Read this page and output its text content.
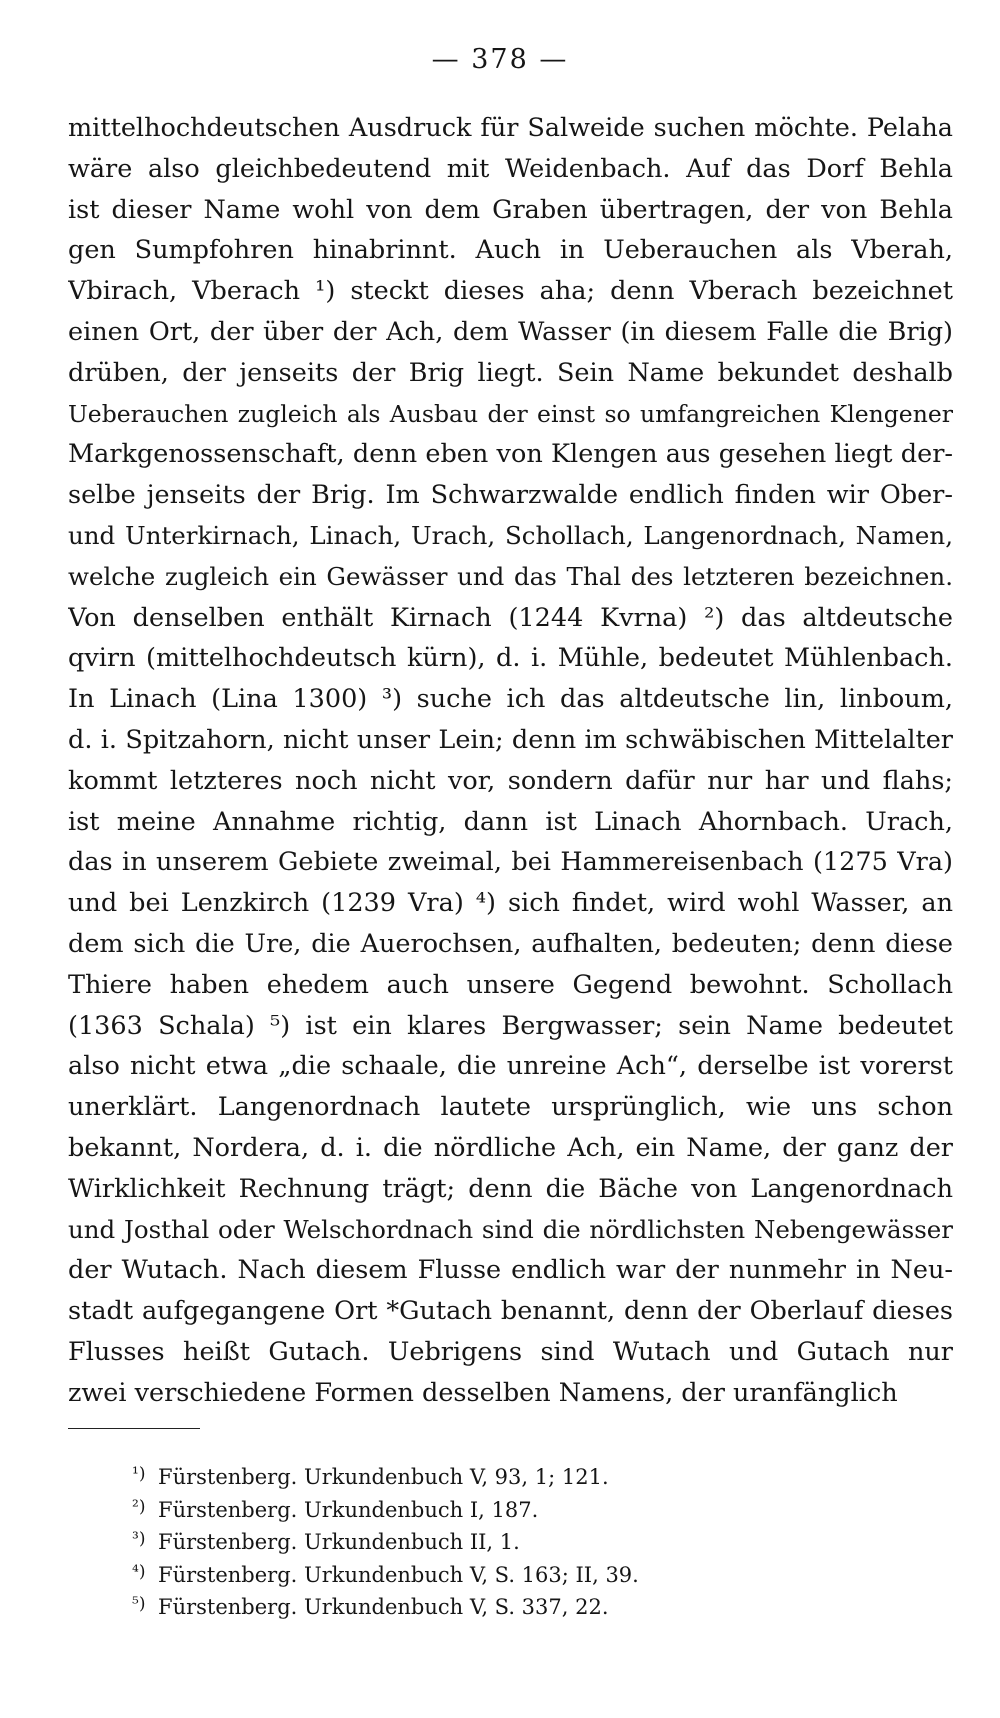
— 378 —
mittelhochdeutschen Ausdruck für Salweide suchen möchte. Pelaha
wäre also gleichbedeutend mit Weidenbach. Auf das Dorf Behla
ist dieser Name wohl von dem Graben übertragen, der von Behla
gen Sumpfohren hinabrinnt. Auch in Ueberauchen als Vberah,
Vbirach, Vberach ¹) steckt dieses aha; denn Vberach bezeichnet
einen Ort, der über der Ach, dem Wasser (in diesem Falle die Brig)
drüben, der jenseits der Brig liegt. Sein Name bekundet deshalb
Ueberauchen zugleich als Ausbau der einst so umfangreichen Klengener
Markgenossenschaft, denn eben von Klengen aus gesehen liegt der-
selbe jenseits der Brig. Im Schwarzwalde endlich finden wir Ober-
und Unterkirnach, Linach, Urach, Schollach, Langenordnach, Namen,
welche zugleich ein Gewässer und das Thal des letzteren bezeichnen.
Von denselben enthält Kirnach (1244 Kvrna) ²) das altdeutsche
qvirn (mittelhochdeutsch kürn), d. i. Mühle, bedeutet Mühlenbach.
In Linach (Lina 1300) ³) suche ich das altdeutsche lin, linboum,
d. i. Spitzahorn, nicht unser Lein; denn im schwäbischen Mittelalter
kommt letzteres noch nicht vor, sondern dafür nur har und flahs;
ist meine Annahme richtig, dann ist Linach Ahornbach. Urach,
das in unserem Gebiete zweimal, bei Hammereisenbach (1275 Vra)
und bei Lenzkirch (1239 Vra) ⁴) sich findet, wird wohl Wasser, an
dem sich die Ure, die Auerochsen, aufhalten, bedeuten; denn diese
Thiere haben ehedem auch unsere Gegend bewohnt. Schollach
(1363 Schala) ⁵) ist ein klares Bergwasser; sein Name bedeutet
also nicht etwa „die schaale, die unreine Ach“, derselbe ist vorerst
unerklärt. Langenordnach lautete ursprünglich, wie uns schon
bekannt, Nordera, d. i. die nördliche Ach, ein Name, der ganz der
Wirklichkeit Rechnung trägt; denn die Bäche von Langenordnach
und Josthal oder Welschordnach sind die nördlichsten Nebengewässer
der Wutach. Nach diesem Flusse endlich war der nunmehr in Neu-
stadt aufgegangene Ort *Gutach benannt, denn der Oberlauf dieses
Flusses heißt Gutach. Uebrigens sind Wutach und Gutach nur
zwei verschiedene Formen desselben Namens, der uranfänglich
¹) Fürstenberg. Urkundenbuch V, 93, 1; 121.
²) Fürstenberg. Urkundenbuch I, 187.
³) Fürstenberg. Urkundenbuch II, 1.
⁴) Fürstenberg. Urkundenbuch V, S. 163; II, 39.
⁵) Fürstenberg. Urkundenbuch V, S. 337, 22.
